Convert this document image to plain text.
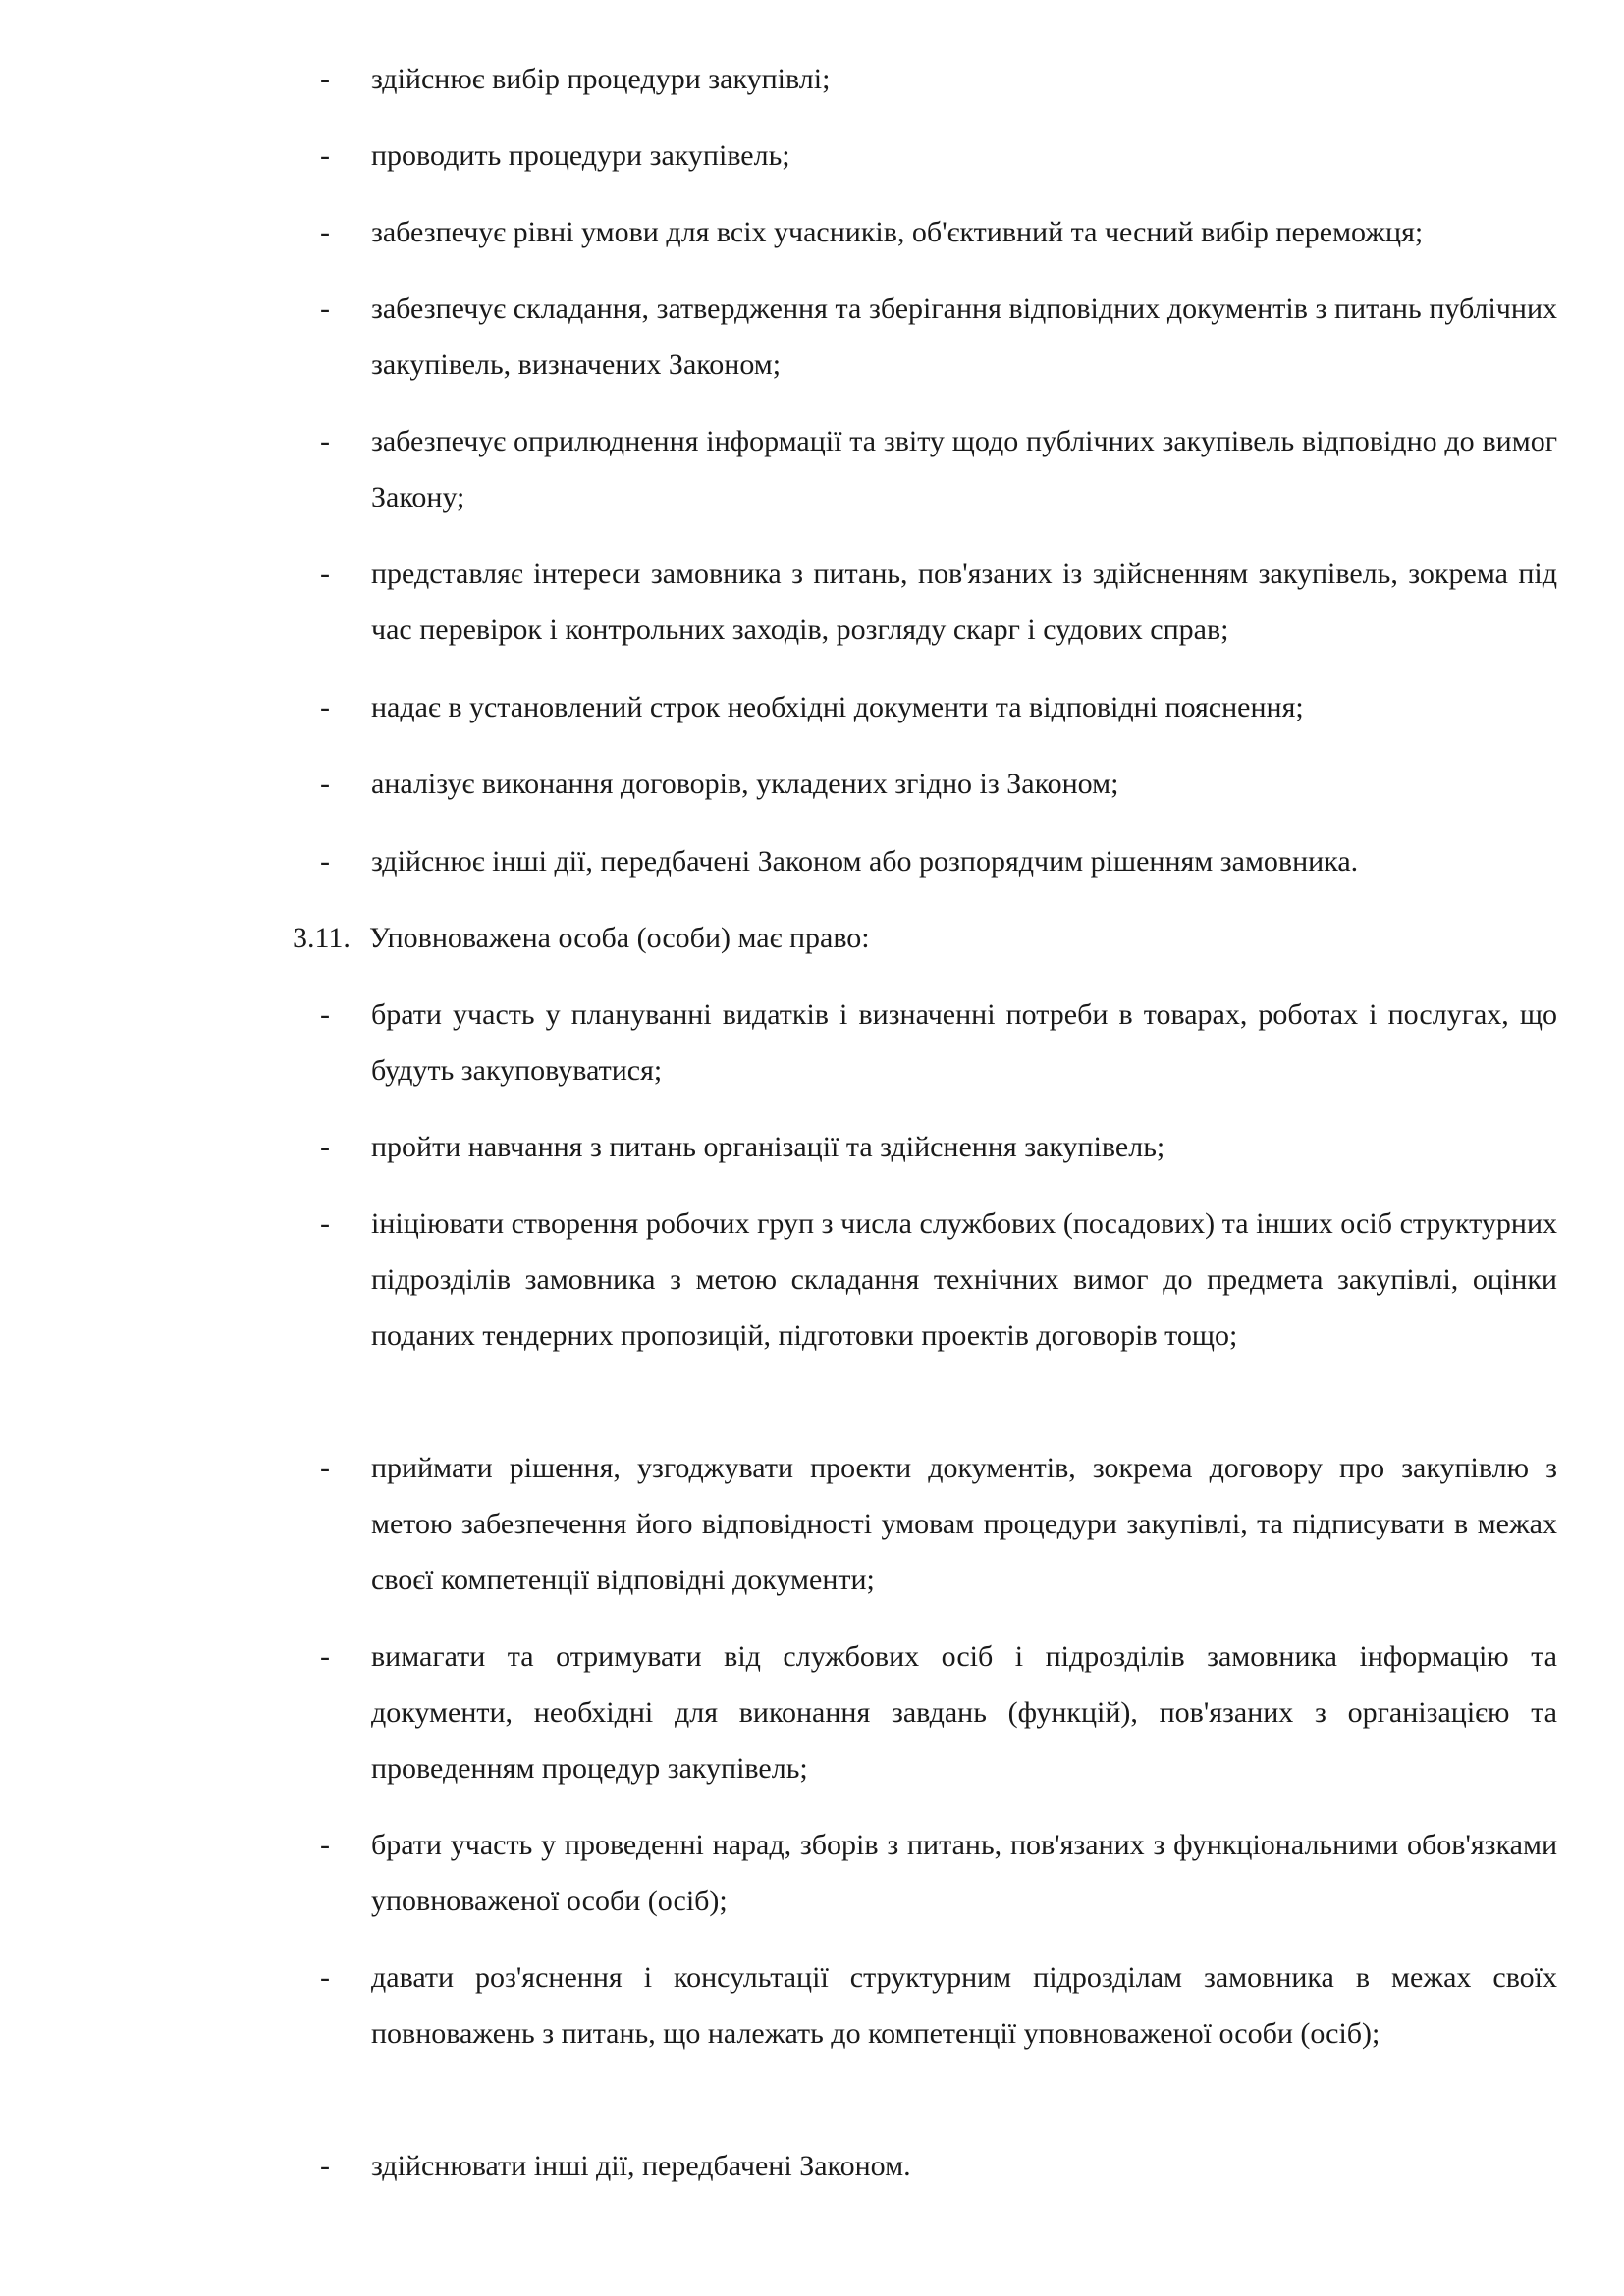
-	здійснює вибір процедури закупівлі;

-	проводить процедури закупівель;

-	забезпечує рівні умови для всіх учасників, об'єктивний та чесний вибір переможця;

-	забезпечує складання, затвердження та зберігання відповідних документів з питань публічних закупівель, визначених Законом;

-	забезпечує оприлюднення інформації та звіту щодо публічних закупівель відповідно до вимог Закону;

-	представляє інтереси замовника з питань, пов'язаних із здійсненням закупівель, зокрема під час перевірок і контрольних заходів, розгляду скарг і судових справ;

-	надає в установлений строк необхідні документи та відповідні пояснення;

-	аналізує виконання договорів, укладених згідно із Законом;

-	здійснює інші дії, передбачені Законом або розпорядчим рішенням замовника.

3.11. Уповноважена особа (особи) має право:

-	брати участь у плануванні видатків і визначенні потреби в товарах, роботах і послугах, що будуть закуповуватися;

-	пройти навчання з питань організації та здійснення закупівель;

-	ініціювати створення робочих груп з числа службових (посадових) та інших осіб структурних підрозділів замовника з метою складання технічних вимог до предмета закупівлі, оцінки поданих тендерних пропозицій, підготовки проектів договорів тощо;

-	приймати рішення, узгоджувати проекти документів, зокрема договору про закупівлю з метою забезпечення його відповідності умовам процедури закупівлі, та підписувати в межах своєї компетенції відповідні документи;

-	вимагати та отримувати від службових осіб і підрозділів замовника інформацію та документи, необхідні для виконання завдань (функцій), пов'язаних з організацією та проведенням процедур закупівель;

-	брати участь у проведенні нарад, зборів з питань, пов'язаних з функціональними обов'язками уповноваженої особи (осіб);

-	давати роз'яснення і консультації структурним підрозділам замовника в межах своїх повноважень з питань, що належать до компетенції уповноваженої особи (осіб);

-	здійснювати інші дії, передбачені Законом.
